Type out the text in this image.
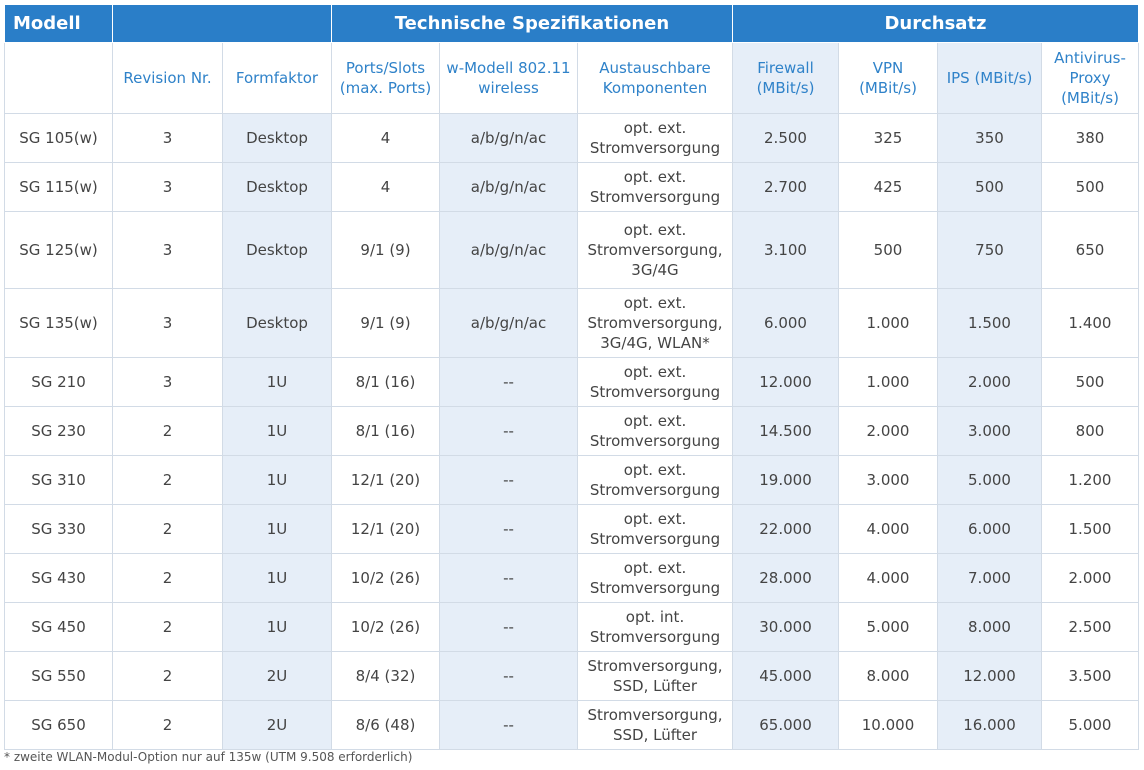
Modell			Technische Spezifikationen			Durchsatz			
	Revision Nr.	Formfaktor	Ports/Slots (max. Ports)	w-Modell 802.11 wireless	Austauschbare Komponenten	Firewall (MBit/s)	VPN (MBit/s)	IPS (MBit/s)	Antivirus-Proxy (MBit/s)
SG 105(w)	3	Desktop	4	a/b/g/n/ac	opt. ext. Stromversorgung	2.500	325	350	380
SG 115(w)	3	Desktop	4	a/b/g/n/ac	opt. ext. Stromversorgung	2.700	425	500	500
SG 125(w)	3	Desktop	9/1 (9)	a/b/g/n/ac	opt. ext. Stromversorgung, 3G/4G	3.100	500	750	650
SG 135(w)	3	Desktop	9/1 (9)	a/b/g/n/ac	opt. ext. Stromversorgung, 3G/4G, WLAN*	6.000	1.000	1.500	1.400
SG 210	3	1U	8/1 (16)	--	opt. ext. Stromversorgung	12.000	1.000	2.000	500
SG 230	2	1U	8/1 (16)	--	opt. ext. Stromversorgung	14.500	2.000	3.000	800
SG 310	2	1U	12/1 (20)	--	opt. ext. Stromversorgung	19.000	3.000	5.000	1.200
SG 330	2	1U	12/1 (20)	--	opt. ext. Stromversorgung	22.000	4.000	6.000	1.500
SG 430	2	1U	10/2 (26)	--	opt. ext. Stromversorgung	28.000	4.000	7.000	2.000
SG 450	2	1U	10/2 (26)	--	opt. int. Stromversorgung	30.000	5.000	8.000	2.500
SG 550	2	2U	8/4 (32)	--	Stromversorgung, SSD, Lüfter	45.000	8.000	12.000	3.500
SG 650	2	2U	8/6 (48)	--	Stromversorgung, SSD, Lüfter	65.000	10.000	16.000	5.000
* zweite WLAN-Modul-Option nur auf 135w (UTM 9.508 erforderlich)
